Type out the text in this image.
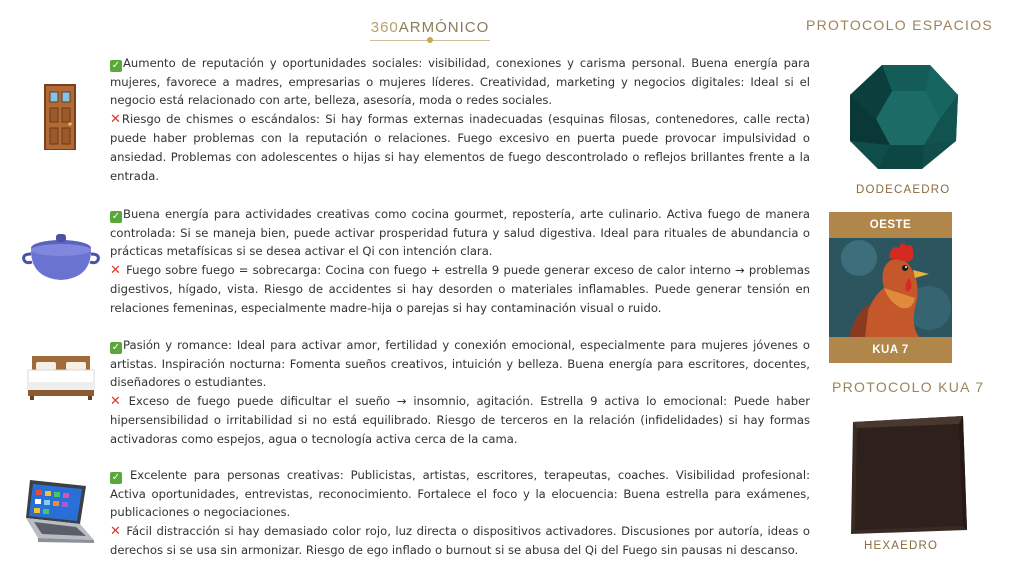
360ARMÓNICO	PROTOCOLO ESPACIOS

✓ Aumento de reputación y oportunidades sociales: visibilidad, conexiones y carisma personal. Buena energía para mujeres, favorece a madres, empresarias o mujeres líderes. Creatividad, marketing y negocios digitales: Ideal si el negocio está relacionado con arte, belleza, asesoría, moda o redes sociales.

✕Riesgo de chismes o escándalos: Si hay formas externas inadecuadas (esquinas filosas, contenedores, calle recta) puede haber problemas con la reputación o relaciones. Fuego excesivo en puerta puede provocar impulsividad o ansiedad. Problemas con adolescentes o hijas si hay elementos de fuego descontrolado o reflejos brillantes frente a la entrada.

✓ Buena energía para actividades creativas como cocina gourmet, repostería, arte culinario. Activa fuego de manera controlada: Si se maneja bien, puede activar prosperidad futura y salud digestiva. Ideal para rituales de abundancia o prácticas metafísicas si se desea activar el Qi con intención clara.

✕ Fuego sobre fuego = sobrecarga: Cocina con fuego + estrella 9 puede generar exceso de calor interno → problemas digestivos, hígado, vista. Riesgo de accidentes si hay desorden o materiales inflamables. Puede generar tensión en relaciones femeninas, especialmente madre-hija o parejas si hay contaminación visual o ruido.

✓ Pasión y romance: Ideal para activar amor, fertilidad y conexión emocional, especialmente para mujeres jóvenes o artistas. Inspiración nocturna: Fomenta sueños creativos, intuición y belleza. Buena energía para escritores, docentes, diseñadores o estudiantes.

✕ Exceso de fuego puede dificultar el sueño → insomnio, agitación. Estrella 9 activa lo emocional: Puede haber hipersensibilidad o irritabilidad si no está equilibrado. Riesgo de terceros en la relación (infidelidades) si hay formas activadoras como espejos, agua o tecnología activa cerca de la cama.

✓ Excelente para personas creativas: Publicistas, artistas, escritores, terapeutas, coaches. Visibilidad profesional: Activa oportunidades, entrevistas, reconocimiento. Fortalece el foco y la elocuencia: Buena estrella para exámenes, publicaciones o negociaciones.

✕ Fácil distracción si hay demasiado color rojo, luz directa o dispositivos activadores. Discusiones por autoría, ideas o derechos si se usa sin armonizar. Riesgo de ego inflado o burnout si se abusa del Qi del Fuego sin pausas ni descanso.

DODECAEDRO
OESTE
KUA 7
PROTOCOLO KUA 7
HEXAEDRO
